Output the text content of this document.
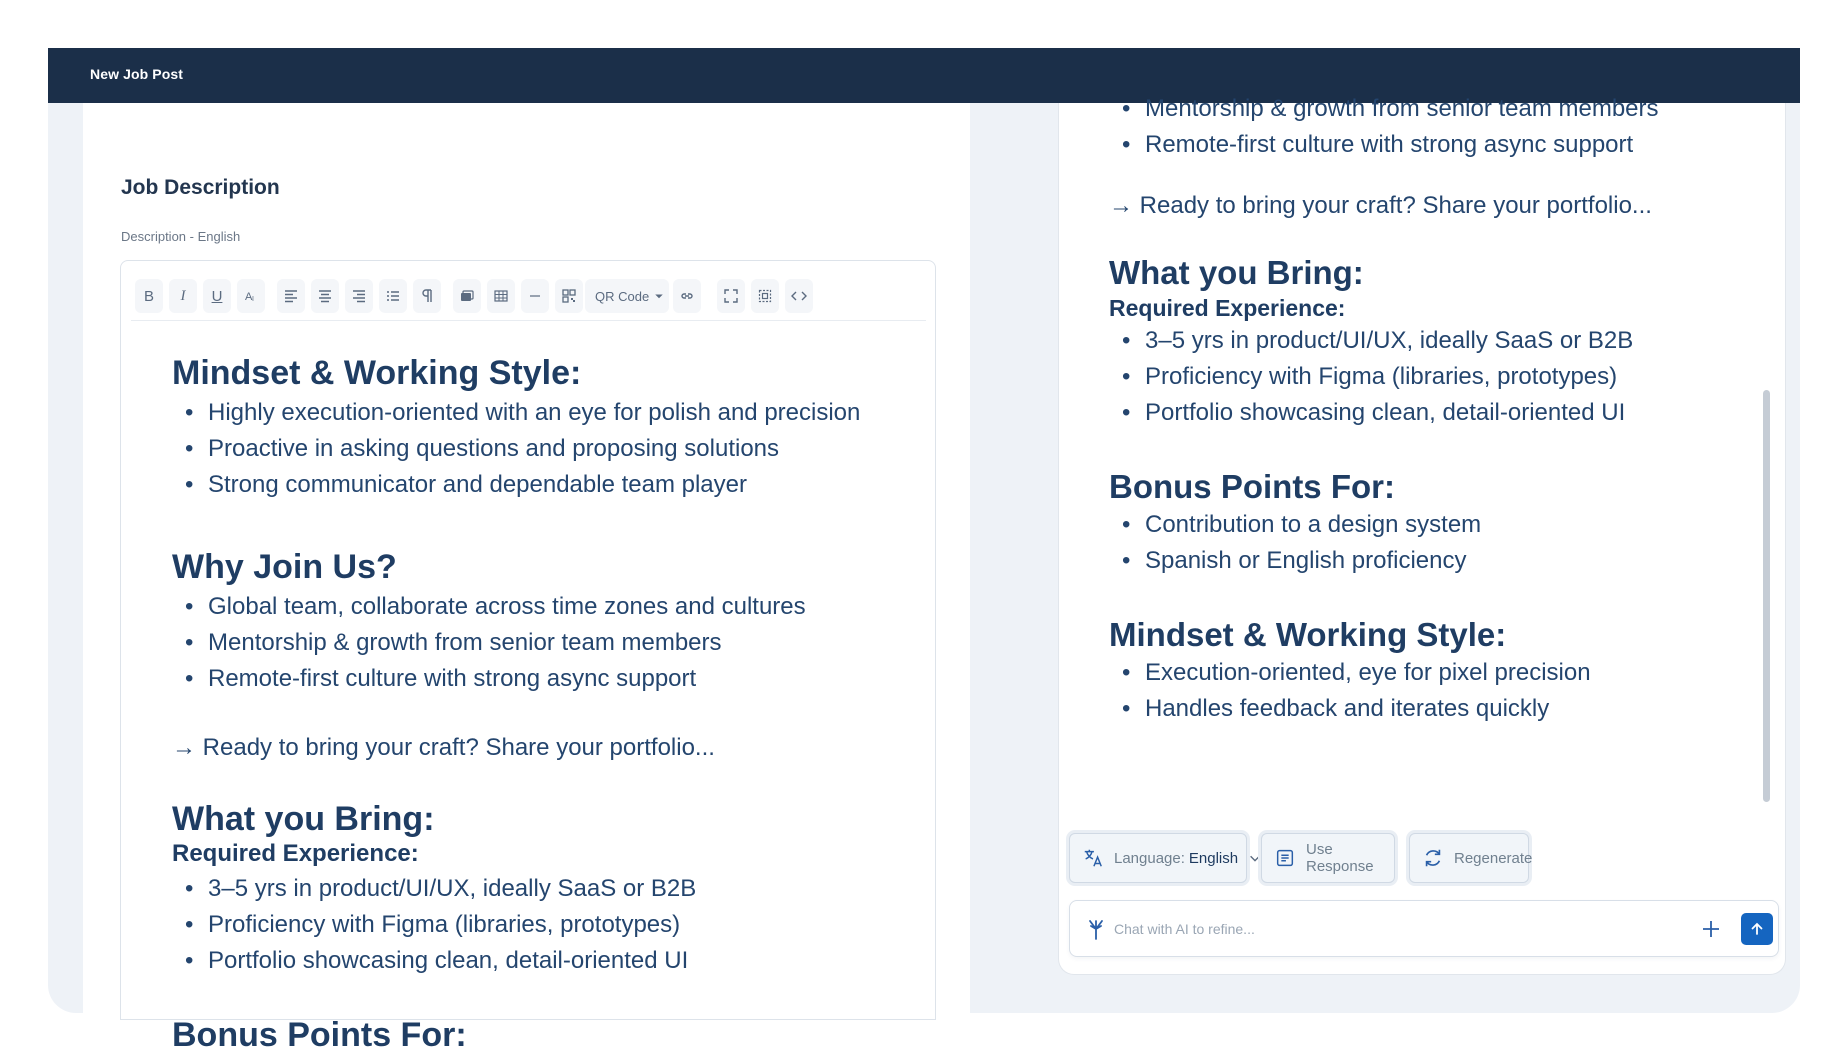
New Job Post
Job Description
Description - English
B I U A I	QR Code
Mindset & Working Style:
• Highly execution-oriented with an eye for polish and precision
• Proactive in asking questions and proposing solutions
• Strong communicator and dependable team player
Why Join Us?
• Global team, collaborate across time zones and cultures
• Mentorship & growth from senior team members
• Remote-first culture with strong async support

→ Ready to bring your craft? Share your portfolio...

What you Bring:
Required Experience:
• 3–5 yrs in product/UI/UX, ideally SaaS or B2B
• Proficiency with Figma (libraries, prototypes)
• Portfolio showcasing clean, detail-oriented UI
Bonus Points For:
• Mentorship & growth from senior team members
• Remote-first culture with strong async support

→ Ready to bring your craft? Share your portfolio...

What you Bring:
Required Experience:
• 3–5 yrs in product/UI/UX, ideally SaaS or B2B
• Proficiency with Figma (libraries, prototypes)
• Portfolio showcasing clean, detail-oriented UI
Bonus Points For:
• Contribution to a design system
• Spanish or English proficiency
Mindset & Working Style:
• Execution-oriented, eye for pixel precision
• Handles feedback and iterates quickly
Language: English	Use Response	Regenerate
Chat with AI to refine...
